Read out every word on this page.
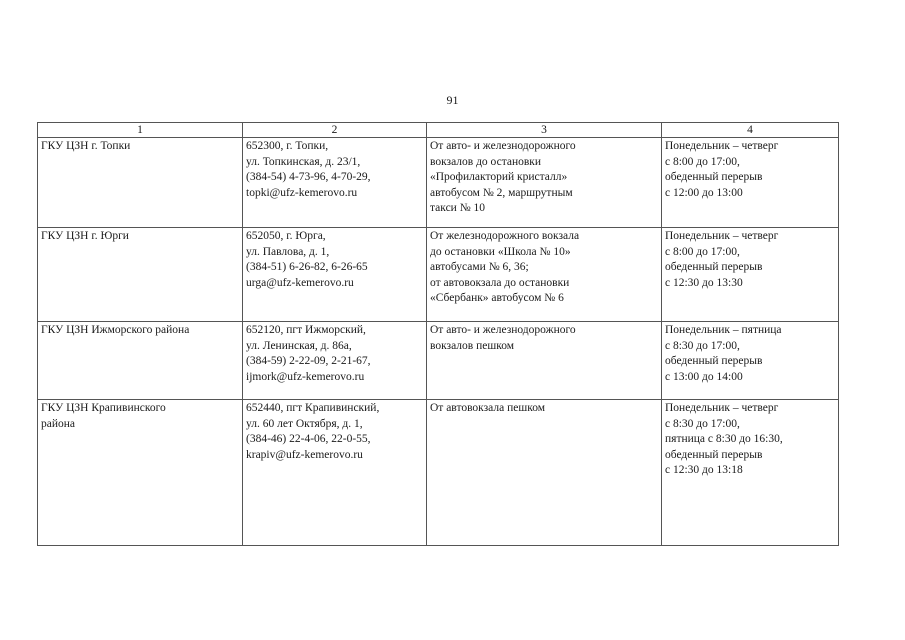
91
1	2	3	4

ГКУ ЦЗН г. Топки	652300, г. Топки,
ул. Топкинская, д. 23/1,
(384-54) 4-73-96, 4-70-29,
topki@ufz-kemerovo.ru	От авто- и железнодорожного
вокзалов до остановки
«Профилакторий кристалл»
автобусом № 2, маршрутным
такси № 10	Понедельник – четверг
с 8:00 до 17:00,
обеденный перерыв
с 12:00 до 13:00

ГКУ ЦЗН г. Юрги	652050, г. Юрга,
ул. Павлова, д. 1,
(384-51) 6-26-82, 6-26-65
urga@ufz-kemerovo.ru	От железнодорожного вокзала
до остановки «Школа № 10»
автобусами № 6, 36;
от автовокзала до остановки
«Сбербанк» автобусом № 6	Понедельник – четверг
с 8:00 до 17:00,
обеденный перерыв
с 12:30 до 13:30

ГКУ ЦЗН Ижморского района	652120, пгт Ижморский,
ул. Ленинская, д. 86а,
(384-59) 2-22-09, 2-21-67,
ijmork@ufz-kemerovo.ru	От авто- и железнодорожного
вокзалов пешком	Понедельник – пятница
с 8:30 до 17:00,
обеденный перерыв
с 13:00 до 14:00

ГКУ ЦЗН Крапивинского
района	652440, пгт Крапивинский,
ул. 60 лет Октября, д. 1,
(384-46) 22-4-06, 22-0-55,
krapiv@ufz-kemerovo.ru	От автовокзала пешком	Понедельник – четверг
с 8:30 до 17:00,
пятница с 8:30 до 16:30,
обеденный перерыв
с 12:30 до 13:18
